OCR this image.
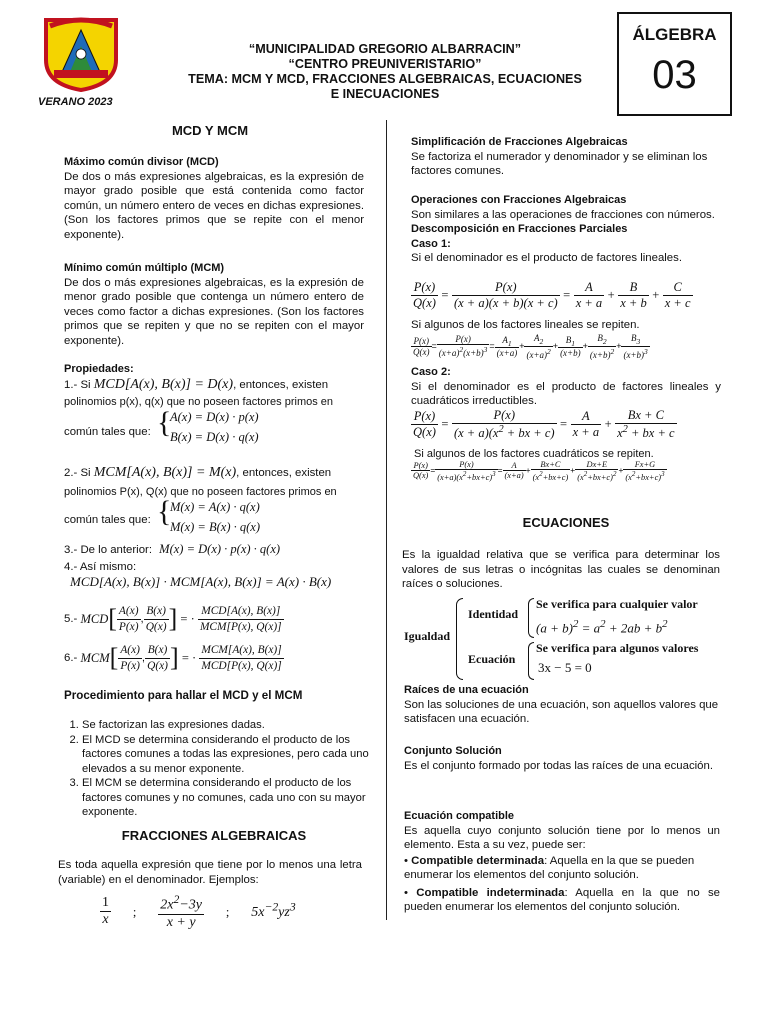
VERANO 2023
“MUNICIPALIDAD GREGORIO ALBARRACIN”
“CENTRO PREUNIVERISTARIO”
TEMA: MCM Y MCD, FRACCIONES ALGEBRAICAS, ECUACIONES
E INECUACIONES
ÁLGEBRA
03
MCD Y MCM

Máximo común divisor (MCD)

De dos o más expresiones algebraicas, es la expresión de mayor grado posible que está contenida como factor común, un número entero de veces en dichas expresiones. (Son los factores primos que se repite con el menor exponente).

Mínimo común múltiplo (MCM)

De dos o más expresiones algebraicas, es la expresión de menor grado posible que contenga un número entero de veces como factor a dichas expresiones. (Son los factores primos que se repiten y que no se repiten con el mayor exponente).

Propiedades:
1.- Si MCD[A(x), B(x)] = D(x), entonces, existen
polinomios p(x), q(x) que no poseen factores primos en
común tales que: {
A(x) = D(x) · p(x)
B(x) = D(x) · q(x)
2.- Si MCM[A(x), B(x)] = M(x), entonces, existen
polinomios P(x), Q(x) que no poseen factores primos en
común tales que: {
M(x) = A(x) · q(x)
M(x) = B(x) · q(x)
3.- De lo anterior: M(x) = D(x) · p(x) · q(x)
4.- Así mismo:
MCD[A(x), B(x)] · MCM[A(x), B(x)] = A(x) · B(x)
5.- $MCD[ \frac{A(x)}{P(x)}$ , $\frac{B(x)}{Q(x)}$ ] = · $\frac{\text{MCD[A(x), B(x)]}}{\text{MCM[P(x), Q(x)]}}$
6.- $MCM[ \frac{A(x)}{P(x)}$ , $\frac{B(x)}{Q(x)}$ ] = · $\frac{\text{MCM[A(x), B(x)]}}{\text{MCD[P(x), Q(x)]}}$
Procedimiento para hallar el MCD y el MCM
1. Se factorizan las expresiones dadas.
2. El MCD se determina considerando el producto de los factores comunes a todas las expresiones, pero cada uno elevados a su menor exponente.
3. El MCM se determina considerando el producto de los factores comunes y no comunes, cada uno con su mayor exponente.
FRACCIONES ALGEBRAICAS
Es toda aquella expresión que tiene por lo menos una letra (variable) en el denominador. Ejemplos:
$\frac{1}{x}$ ; $\frac{2x^2-3y}{x + y}$ ; $5x^{-2}yz^3$

Simplificación de Fracciones Algebraicas

Se factoriza el numerador y denominador y se eliminan los factores comunes.

Operaciones con Fracciones Algebraicas

Son similares a las operaciones de fracciones con números.

Descomposición en Fracciones Parciales

Caso 1:

Si el denominador es el producto de factores lineales.

$\frac{P(x)}{Q(x)} = \frac{P(x)}{(x + a)(x + b)(x + c)} = \frac{A}{x + a} + \frac{B}{x + b} + \frac{C}{x + c}$
Si algunos de los factores lineales se repiten.
$\frac{P(x)}{Q(x)} = \frac{P(x)}{(x+a)^2(x+b)^3} = \frac{A_1}{(x+a)} + \frac{A_2}{(x+a)^2} + \frac{B_1}{(x+b)} + \frac{B_2}{(x+b)^2} + \frac{B_3}{(x+b)^3}$

Caso 2:

Si el denominador es el producto de factores lineales y cuadráticos irreductibles.

$\frac{P(x)}{Q(x)} = \frac{P(x)}{(x + a)(x^2 + bx + c)} = \frac{A}{x + a} + \frac{Bx + C}{x^2 + bx + c}$
Si algunos de los factores cuadráticos se repiten.
$\frac{P(x)}{Q(x)} = \frac{P(x)}{(x+a)(x^2+bx+c)^3} = \frac{A}{(x+a)} + \frac{Bx+C}{(x^2+bx+c)} + \frac{Dx+E}{(x^2+bx+c)^2} + \frac{Fx+G}{(x^2+bx+c)^3}$
ECUACIONES
Es la igualdad relativa que se verifica para determinar los valores de sus letras o incógnitas las cuales se denominan raíces o soluciones.
Igualdad
Identidad
Se verifica para cualquier valor
$(a + b)^2 = a^2 + 2ab + b^2$
Ecuación
Se verifica para algunos valores
3x − 5 = 0

Raíces de una ecuación

Son las soluciones de una ecuación, son aquellos valores que satisfacen una ecuación.

Conjunto Solución

Es el conjunto formado por todas las raíces de una ecuación.

Ecuación compatible

Es aquella cuyo conjunto solución tiene por lo menos un elemento. Esta a su vez, puede ser:

• Compatible determinada: Aquella en la que se pueden enumerar los elementos del conjunto solución.

• Compatible indeterminada: Aquella en la que no se pueden enumerar los elementos del conjunto solución.
